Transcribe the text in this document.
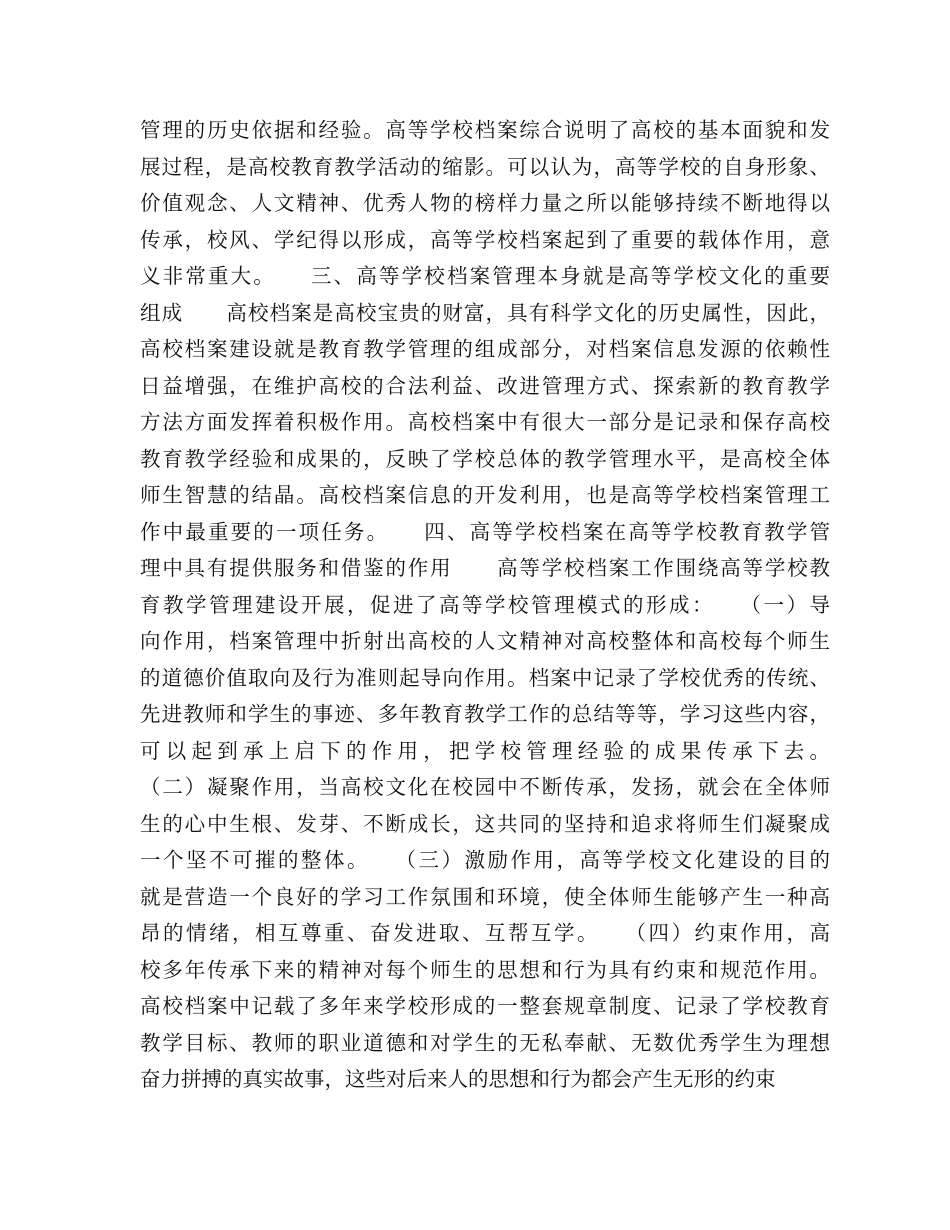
管理的历史依据和经验。高等学校档案综合说明了高校的基本面貌和发
展过程，是高校教育教学活动的缩影。可以认为，高等学校的自身形象、
价值观念、人文精神、优秀人物的榜样力量之所以能够持续不断地得以
传承，校风、学纪得以形成，高等学校档案起到了重要的载体作用，意
义非常重大。　　三、高等学校档案管理本身就是高等学校文化的重要
组成　　高校档案是高校宝贵的财富，具有科学文化的历史属性，因此，
高校档案建设就是教育教学管理的组成部分，对档案信息发源的依赖性
日益增强，在维护高校的合法利益、改进管理方式、探索新的教育教学
方法方面发挥着积极作用。高校档案中有很大一部分是记录和保存高校
教育教学经验和成果的，反映了学校总体的教学管理水平，是高校全体
师生智慧的结晶。高校档案信息的开发利用，也是高等学校档案管理工
作中最重要的一项任务。　　四、高等学校档案在高等学校教育教学管
理中具有提供服务和借鉴的作用　　高等学校档案工作围绕高等学校教
育教学管理建设开展，促进了高等学校管理模式的形成：　　（一）导
向作用，档案管理中折射出高校的人文精神对高校整体和高校每个师生
的道德价值取向及行为准则起导向作用。档案中记录了学校优秀的传统、
先进教师和学生的事迹、多年教育教学工作的总结等等，学习这些内容，
可以起到承上启下的作用，把学校管理经验的成果传承下去。
（二）凝聚作用，当高校文化在校园中不断传承，发扬，就会在全体师
生的心中生根、发芽、不断成长，这共同的坚持和追求将师生们凝聚成
一个坚不可摧的整体。　　（三）激励作用，高等学校文化建设的目的
就是营造一个良好的学习工作氛围和环境，使全体师生能够产生一种高
昂的情绪，相互尊重、奋发进取、互帮互学。　　（四）约束作用，高
校多年传承下来的精神对每个师生的思想和行为具有约束和规范作用。
高校档案中记载了多年来学校形成的一整套规章制度、记录了学校教育
教学目标、教师的职业道德和对学生的无私奉献、无数优秀学生为理想
奋力拼搏的真实故事，这些对后来人的思想和行为都会产生无形的约束
